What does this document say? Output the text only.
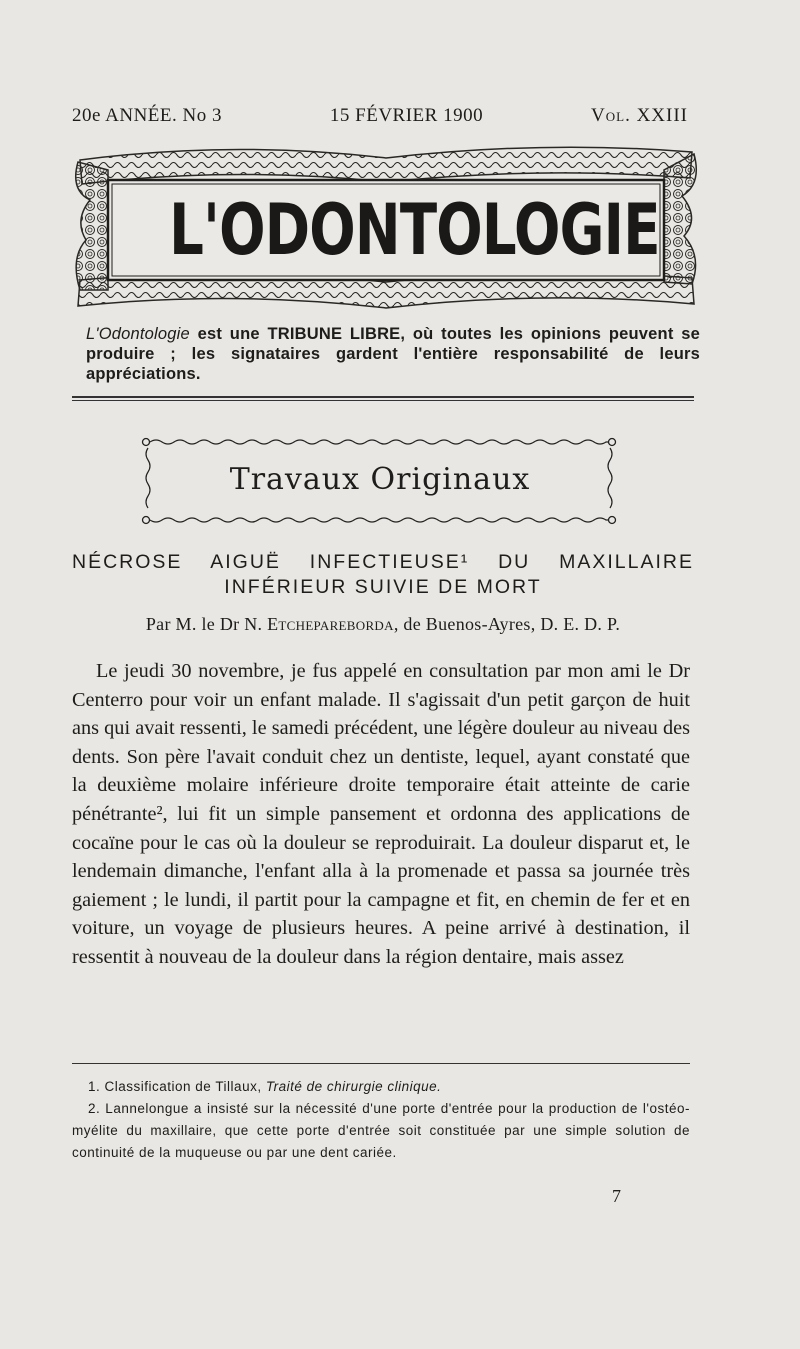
20e ANNÉE. No 3	15 FÉVRIER 1900	Vol. XXIII
L'ODONTOLOGIE
L'Odontologie est une TRIBUNE LIBRE, où toutes les opinions peuvent se produire ; les signataires gardent l'entière responsabilité de leurs appréciations.
Travaux Originaux
NÉCROSE AIGUË INFECTIEUSE¹ DU MAXILLAIRE
INFÉRIEUR SUIVIE DE MORT
Par M. le Dr N. Etchepareborda, de Buenos-Ayres, D. E. D. P.

Le jeudi 30 novembre, je fus appelé en consultation par mon ami le Dr Centerro pour voir un enfant malade. Il s'agissait d'un petit garçon de huit ans qui avait ressenti, le samedi précédent, une légère douleur au niveau des dents. Son père l'avait conduit chez un dentiste, lequel, ayant constaté que la deuxième molaire inférieure droite temporaire était atteinte de carie pénétrante², lui fit un simple pansement et ordonna des applications de cocaïne pour le cas où la douleur se reproduirait. La douleur disparut et, le lendemain dimanche, l'enfant alla à la promenade et passa sa journée très gaiement ; le lundi, il partit pour la campagne et fit, en chemin de fer et en voiture, un voyage de plusieurs heures. A peine arrivé à destination, il ressentit à nouveau de la douleur dans la région dentaire, mais assez

1. Classification de Tillaux, Traité de chirurgie clinique.

2. Lannelongue a insisté sur la nécessité d'une porte d'entrée pour la production de l'ostéo-myélite du maxillaire, que cette porte d'entrée soit constituée par une simple solution de continuité de la muqueuse ou par une dent cariée.

7
